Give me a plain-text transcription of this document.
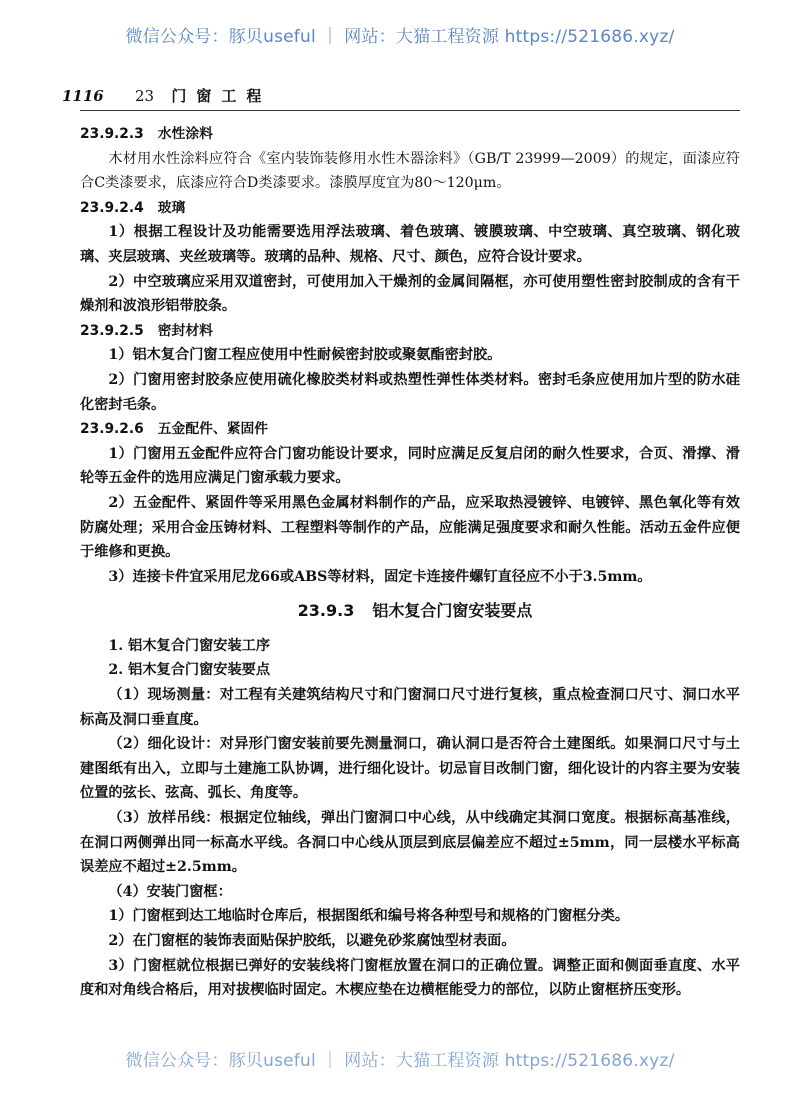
微信公众号：豚贝useful ｜ 网站：大猫工程资源 https://521686.xyz/
1116 23 门窗工程

23.9.2.3 水性涂料

木材用水性涂料应符合《室内装饰装修用水性木器涂料》（GB/T 23999—2009）的规定，面漆应符合C类漆要求，底漆应符合D类漆要求。漆膜厚度宜为80～120μm。

23.9.2.4 玻璃

1）根据工程设计及功能需要选用浮法玻璃、着色玻璃、镀膜玻璃、中空玻璃、真空玻璃、钢化玻璃、夹层玻璃、夹丝玻璃等。玻璃的品种、规格、尺寸、颜色，应符合设计要求。

2）中空玻璃应采用双道密封，可使用加入干燥剂的金属间隔框，亦可使用塑性密封胶制成的含有干燥剂和波浪形铝带胶条。

23.9.2.5 密封材料

1）铝木复合门窗工程应使用中性耐候密封胶或聚氨酯密封胶。

2）门窗用密封胶条应使用硫化橡胶类材料或热塑性弹性体类材料。密封毛条应使用加片型的防水硅化密封毛条。

23.9.2.6 五金配件、紧固件

1）门窗用五金配件应符合门窗功能设计要求，同时应满足反复启闭的耐久性要求，合页、滑撑、滑轮等五金件的选用应满足门窗承载力要求。

2）五金配件、紧固件等采用黑色金属材料制作的产品，应采取热浸镀锌、电镀锌、黑色氧化等有效防腐处理；采用合金压铸材料、工程塑料等制作的产品，应能满足强度要求和耐久性能。活动五金件应便于维修和更换。

3）连接卡件宜采用尼龙66或ABS等材料，固定卡连接件螺钉直径应不小于3.5mm。

23.9.3 铝木复合门窗安装要点

1. 铝木复合门窗安装工序

2. 铝木复合门窗安装要点

（1）现场测量：对工程有关建筑结构尺寸和门窗洞口尺寸进行复核，重点检查洞口尺寸、洞口水平标高及洞口垂直度。

（2）细化设计：对异形门窗安装前要先测量洞口，确认洞口是否符合土建图纸。如果洞口尺寸与土建图纸有出入，立即与土建施工队协调，进行细化设计。切忌盲目改制门窗，细化设计的内容主要为安装位置的弦长、弦高、弧长、角度等。

（3）放样吊线：根据定位轴线，弹出门窗洞口中心线，从中线确定其洞口宽度。根据标高基准线，在洞口两侧弹出同一标高水平线。各洞口中心线从顶层到底层偏差应不超过±5mm，同一层楼水平标高误差应不超过±2.5mm。

（4）安装门窗框：

1）门窗框到达工地临时仓库后，根据图纸和编号将各种型号和规格的门窗框分类。

2）在门窗框的装饰表面贴保护胶纸，以避免砂浆腐蚀型材表面。

3）门窗框就位根据已弹好的安装线将门窗框放置在洞口的正确位置。调整正面和侧面垂直度、水平度和对角线合格后，用对拔楔临时固定。木楔应垫在边横框能受力的部位，以防止窗框挤压变形。

微信公众号：豚贝useful ｜ 网站：大猫工程资源 https://521686.xyz/
